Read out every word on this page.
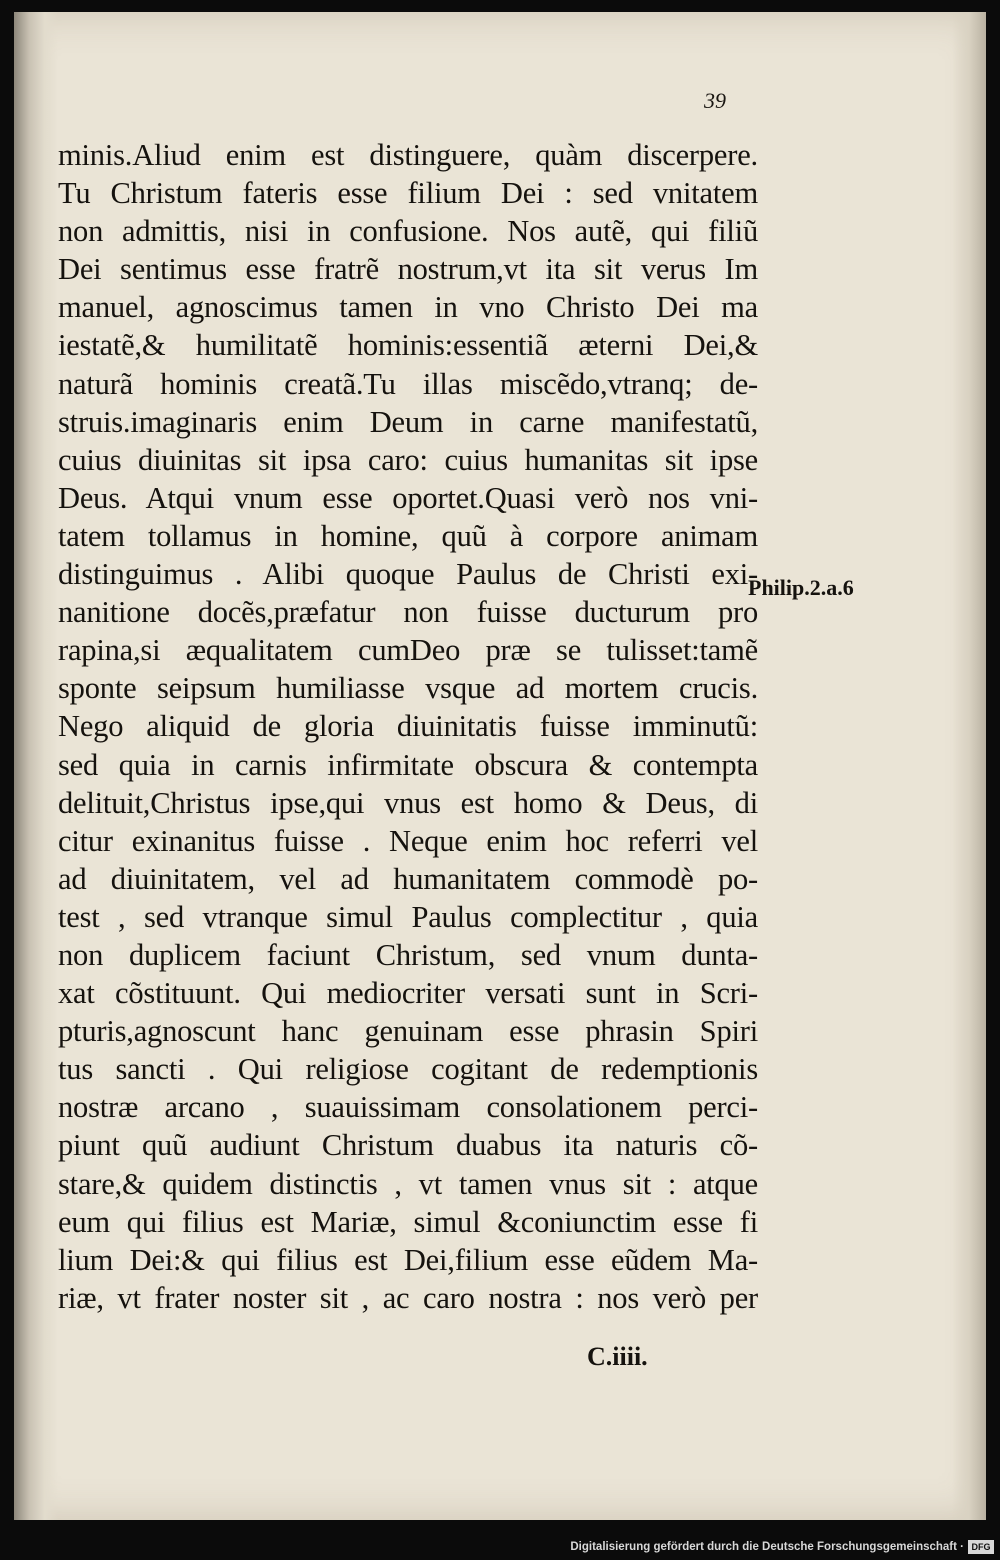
39
minis.Aliud enim est distinguere, quàm discerpere.
Tu Christum fateris esse filium Dei : sed vnitatem
non admittis, nisi in confusione. Nos autẽ, qui filiũ
Dei sentimus esse fratrẽ nostrum,vt ita sit verus Im
manuel, agnoscimus tamen in vno Christo Dei ma
iestatẽ,& humilitatẽ hominis:essentiã æterni Dei,&
naturã hominis creatã.Tu illas miscẽdo,vtranq; de-
struis.imaginaris enim Deum in carne manifestatũ,
cuius diuinitas sit ipsa caro: cuius humanitas sit ipse
Deus. Atqui vnum esse oportet.Quasi verò nos vni-
tatem tollamus in homine, quũ à corpore animam
distinguimus . Alibi quoque Paulus de Christi exi-
nanitione docẽs,præfatur non fuisse ducturum pro
rapina,si æqualitatem cumDeo præ se tulisset:tamẽ
sponte seipsum humiliasse vsque ad mortem crucis.
Nego aliquid de gloria diuinitatis fuisse imminutũ:
sed quia in carnis infirmitate obscura & contempta
delituit,Christus ipse,qui vnus est homo & Deus, di
citur exinanitus fuisse . Neque enim hoc referri vel
ad diuinitatem, vel ad humanitatem commodè po-
test , sed vtranque simul Paulus complectitur , quia
non duplicem faciunt Christum, sed vnum dunta-
xat cõstituunt. Qui mediocriter versati sunt in Scri-
pturis,agnoscunt hanc genuinam esse phrasin Spiri
tus sancti . Qui religiose cogitant de redemptionis
nostræ arcano , suauissimam consolationem perci-
piunt quũ audiunt Christum duabus ita naturis cõ-
stare,& quidem distinctis , vt tamen vnus sit : atque
eum qui filius est Mariæ, simul &coniunctim esse fi
lium Dei:& qui filius est Dei,filium esse eũdem Ma-
riæ, vt frater noster sit , ac caro nostra : nos verò per
Philip.2.a.6
C.iiii.
Digitalisierung gefördert durch die Deutsche Forschungsgemeinschaft · DFG
